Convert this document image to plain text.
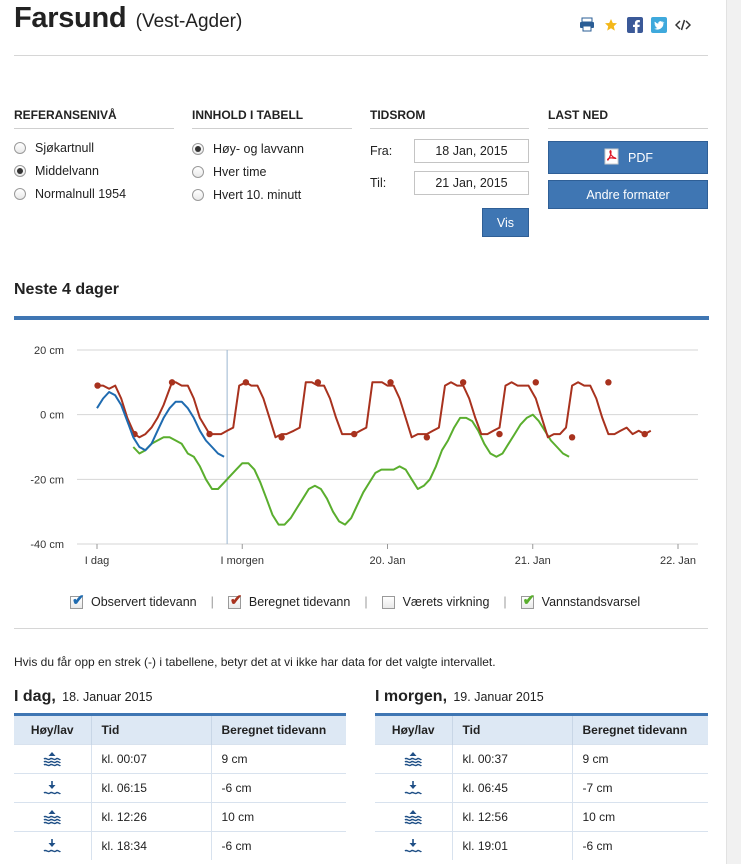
Farsund (Vest-Agder)
REFERANSENIVÅ
Sjøkartnull
Middelvann
Normalnull 1954
INNHOLD I TABELL
Høy- og lavvann
Hver time
Hvert 10. minutt
TIDSROM
Fra:	18 Jan, 2015
Til:	21 Jan, 2015
Vis
LAST NED
PDF
Andre formater
Neste 4 dager
20 cm
0 cm
-20 cm
-40 cm
I dag	I morgen	20. Jan	21. Jan	22. Jan
✔ Observert tidevann | ✔ Beregnet tidevann |	Værets virkning | ✔ Vannstandsvarsel
Hvis du får opp en strek (-) i tabellene, betyr det at vi ikke har data for det valgte intervallet.
I dag, 18. Januar 2015
Høy/lav	Tid	Beregnet tidevann
	kl. 00:07	9 cm
	kl. 06:15	-6 cm
	kl. 12:26	10 cm
	kl. 18:34	-6 cm
I morgen, 19. Januar 2015
Høy/lav	Tid	Beregnet tidevann
	kl. 00:37	9 cm
	kl. 06:45	-7 cm
	kl. 12:56	10 cm
	kl. 19:01	-6 cm
